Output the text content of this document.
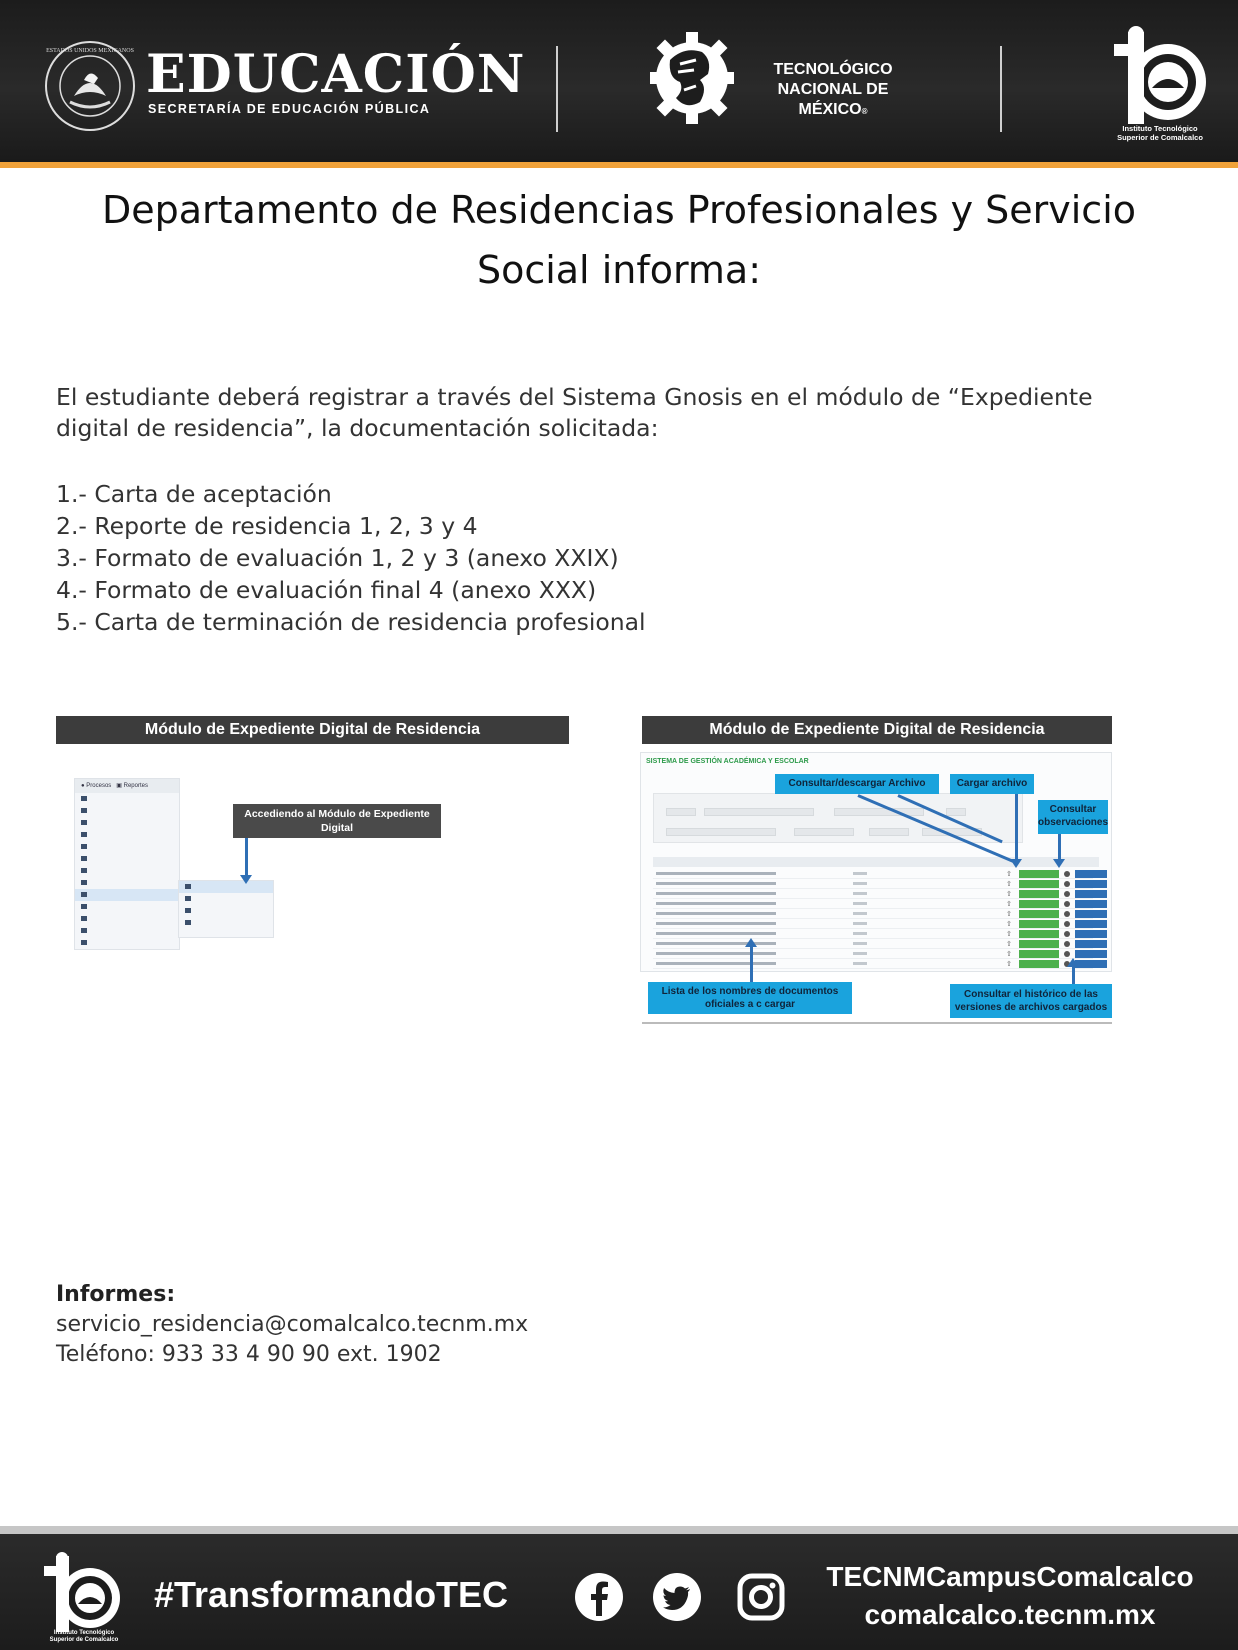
ESTADOS UNIDOS MEXICANOS EDUCACIÓN
SECRETARÍA DE EDUCACIÓN PÚBLICA
TECNOLÓGICO
NACIONAL DE MÉXICO®
Instituto Tecnológico
Superior de Comalcalco
Departamento de Residencias Profesionales y Servicio
Social informa:
El estudiante deberá registrar a través del Sistema Gnosis en el módulo de “Expediente
digital de residencia”, la documentación solicitada:
1.- Carta de aceptación
2.- Reporte de residencia 1, 2, 3 y 4
3.- Formato de evaluación 1, 2 y 3 (anexo XXIX)
4.- Formato de evaluación final 4 (anexo XXX)
5.- Carta de terminación de residencia profesional
Módulo de Expediente Digital de Residencia
● Procesos   ▣ Reportes
Accediendo al Módulo de Expediente
Digital
Módulo de Expediente Digital de Residencia
SISTEMA DE GESTIÓN ACADÉMICA Y ESCOLAR
⇧
⇧
⇧
⇧
⇧
⇧
⇧
⇧
⇧
⇧
Consultar/descargar Archivo	Cargar archivo
Consultar
observaciones
Lista de los nombres de documentos
oficiales a c cargar
Consultar el histórico de las
versiones de archivos cargados
Informes:
servicio_residencia@comalcalco.tecnm.mx
Teléfono: 933 33 4 90 90 ext. 1902
Instituto Tecnológico
Superior de Comalcalco
#TransformandoTEC	TECNMCampusComalcalco
comalcalco.tecnm.mx
